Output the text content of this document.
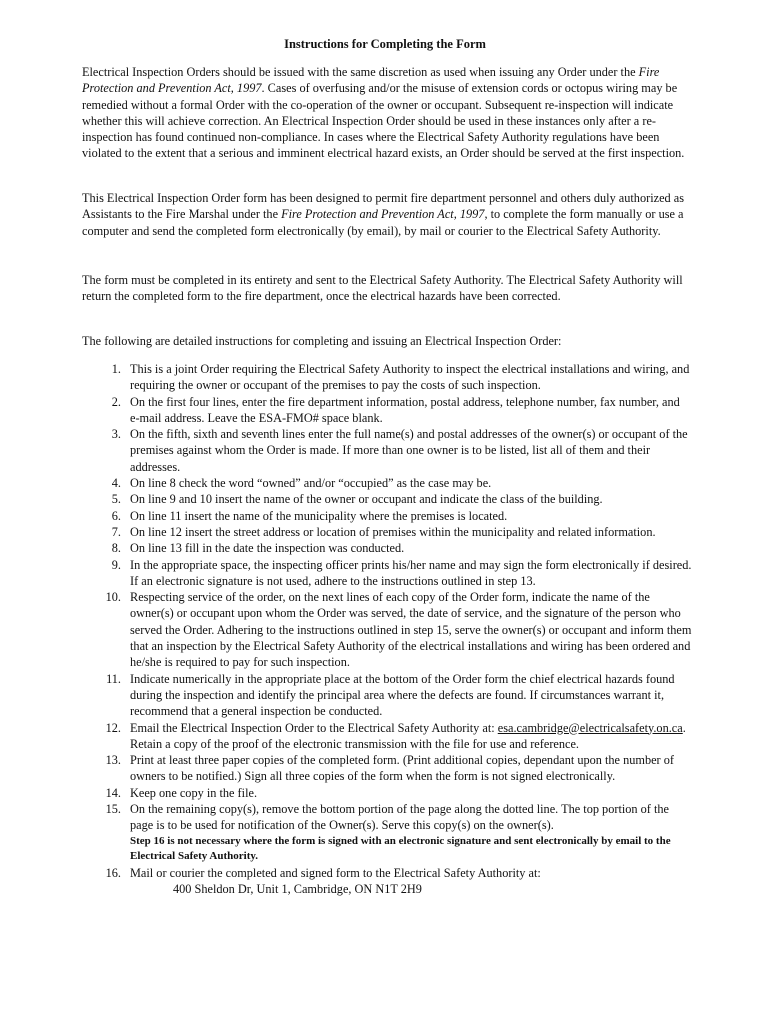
Instructions for Completing the Form

Electrical Inspection Orders should be issued with the same discretion as used when issuing any Order under the Fire Protection and Prevention Act, 1997. Cases of overfusing and/or the misuse of extension cords or octopus wiring may be remedied without a formal Order with the co-operation of the owner or occupant. Subsequent re-inspection will indicate whether this will achieve correction. An Electrical Inspection Order should be used in these instances only after a re-inspection has found continued non-compliance. In cases where the Electrical Safety Authority regulations have been violated to the extent that a serious and imminent electrical hazard exists, an Order should be served at the first inspection.

This Electrical Inspection Order form has been designed to permit fire department personnel and others duly authorized as Assistants to the Fire Marshal under the Fire Protection and Prevention Act, 1997, to complete the form manually or use a computer and send the completed form electronically (by email), by mail or courier to the Electrical Safety Authority.

The form must be completed in its entirety and sent to the Electrical Safety Authority. The Electrical Safety Authority will return the completed form to the fire department, once the electrical hazards have been corrected.

The following are detailed instructions for completing and issuing an Electrical Inspection Order:

1. This is a joint Order requiring the Electrical Safety Authority to inspect the electrical installations and wiring, and requiring the owner or occupant of the premises to pay the costs of such inspection.
2. On the first four lines, enter the fire department information, postal address, telephone number, fax number, and e-mail address. Leave the ESA-FMO# space blank.
3. On the fifth, sixth and seventh lines enter the full name(s) and postal addresses of the owner(s) or occupant of the premises against whom the Order is made. If more than one owner is to be listed, list all of them and their addresses.
4. On line 8 check the word “owned” and/or “occupied” as the case may be.
5. On line 9 and 10 insert the name of the owner or occupant and indicate the class of the building.
6. On line 11 insert the name of the municipality where the premises is located.
7. On line 12 insert the street address or location of premises within the municipality and related information.
8. On line 13 fill in the date the inspection was conducted.
9. In the appropriate space, the inspecting officer prints his/her name and may sign the form electronically if desired. If an electronic signature is not used, adhere to the instructions outlined in step 13.
10. Respecting service of the order, on the next lines of each copy of the Order form, indicate the name of the owner(s) or occupant upon whom the Order was served, the date of service, and the signature of the person who served the Order. Adhering to the instructions outlined in step 15, serve the owner(s) or occupant and inform them that an inspection by the Electrical Safety Authority of the electrical installations and wiring has been ordered and he/she is required to pay for such inspection.
11. Indicate numerically in the appropriate place at the bottom of the Order form the chief electrical hazards found during the inspection and identify the principal area where the defects are found. If circumstances warrant it, recommend that a general inspection be conducted.
12. Email the Electrical Inspection Order to the Electrical Safety Authority at: esa.cambridge@electricalsafety.on.ca. Retain a copy of the proof of the electronic transmission with the file for use and reference.
13. Print at least three paper copies of the completed form. (Print additional copies, dependant upon the number of owners to be notified.) Sign all three copies of the form when the form is not signed electronically.
14. Keep one copy in the file.
15. On the remaining copy(s), remove the bottom portion of the page along the dotted line. The top portion of the page is to be used for notification of the Owner(s). Serve this copy(s) on the owner(s).
Step 16 is not necessary where the form is signed with an electronic signature and sent electronically by email to the Electrical Safety Authority.
16. Mail or courier the completed and signed form to the Electrical Safety Authority at:
400 Sheldon Dr, Unit 1, Cambridge, ON N1T 2H9
